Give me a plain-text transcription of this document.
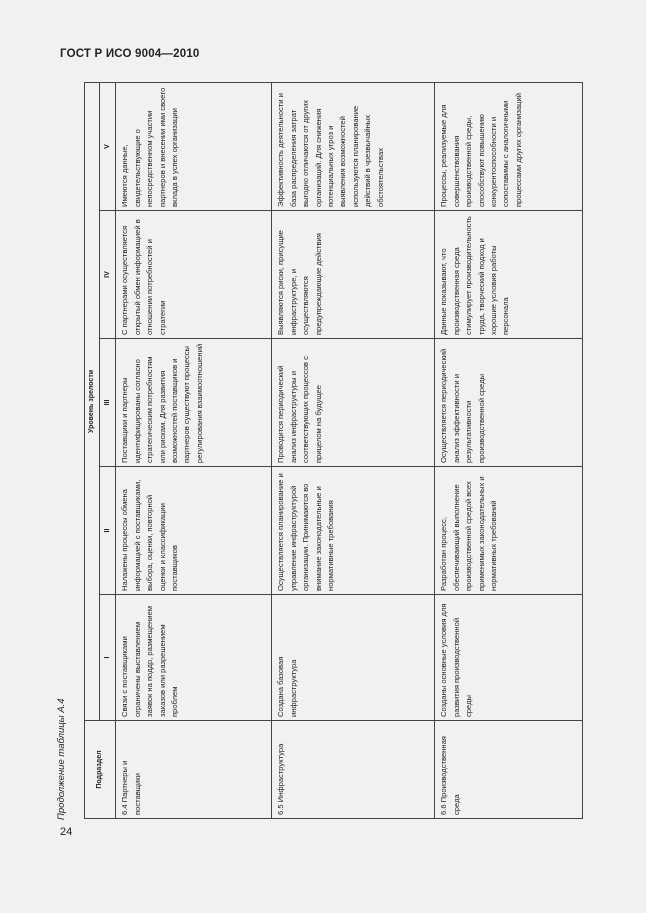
ГОСТ Р ИСО 9004—2010
Продолжение таблицы А.4
24
Подраздел	Уровень зрелости				
	I	II	III	IV	V
6.4 Партнеры и поставщики	Связи с поставщиками ограничены выставлением заявок на поддр, размещением заказов или разрешением проблем	Налажены процессы обмена информацией с поставщиками, выбора, оценки, повторной оценки и классификации поставщиков	Поставщики и партнеры идентифицированы согласно стратегическим потребностям или рискам. Для развития возможностей поставщиков и партнеров существуют процессы регулирования взаимоотношений	С партнерами осуществляется открытый обмен информацией в отношении потребностей и стратегии	Имеются данные, свидетельствующие о непосредственном участии партнеров и внесении ими своего вклада в успех организации
6.5 Инфраструктура	Создана базовая инфраструктура	Осуществляется планирование и управление инфраструктурой организации. Принимаются во внимание законодательные и нормативные требования	Проводится периодический анализ инфраструктуры и соответствующих процессов с прицелом на будущее	Выявляются риски, присущие инфраструктуре, и осуществляются предупреждающие действия	Эффективность деятельности и база распределения затрат выгодно отличаются от других организаций. Для снижения потенциальных угроз и выявления возможностей используются планирование действий в чрезвычайных обстоятельствах
6.6 Производственная среда	Созданы основные условия для развития производственной среды	Разработан процесс, обеспечивающий выполнение производственной средой всех применимых законодательных и нормативных требований	Осуществляется периодический анализ эффективности и результативности производственной среды	Данные показывают, что производственная среда стимулирует производительность труда, творческий подход и хорошие условия работы персонала	Процессы, реализуемые для совершенствования производственной среды, способствуют повышению конкурентоспособности и сопоставимы с аналогичными процессами других организаций
